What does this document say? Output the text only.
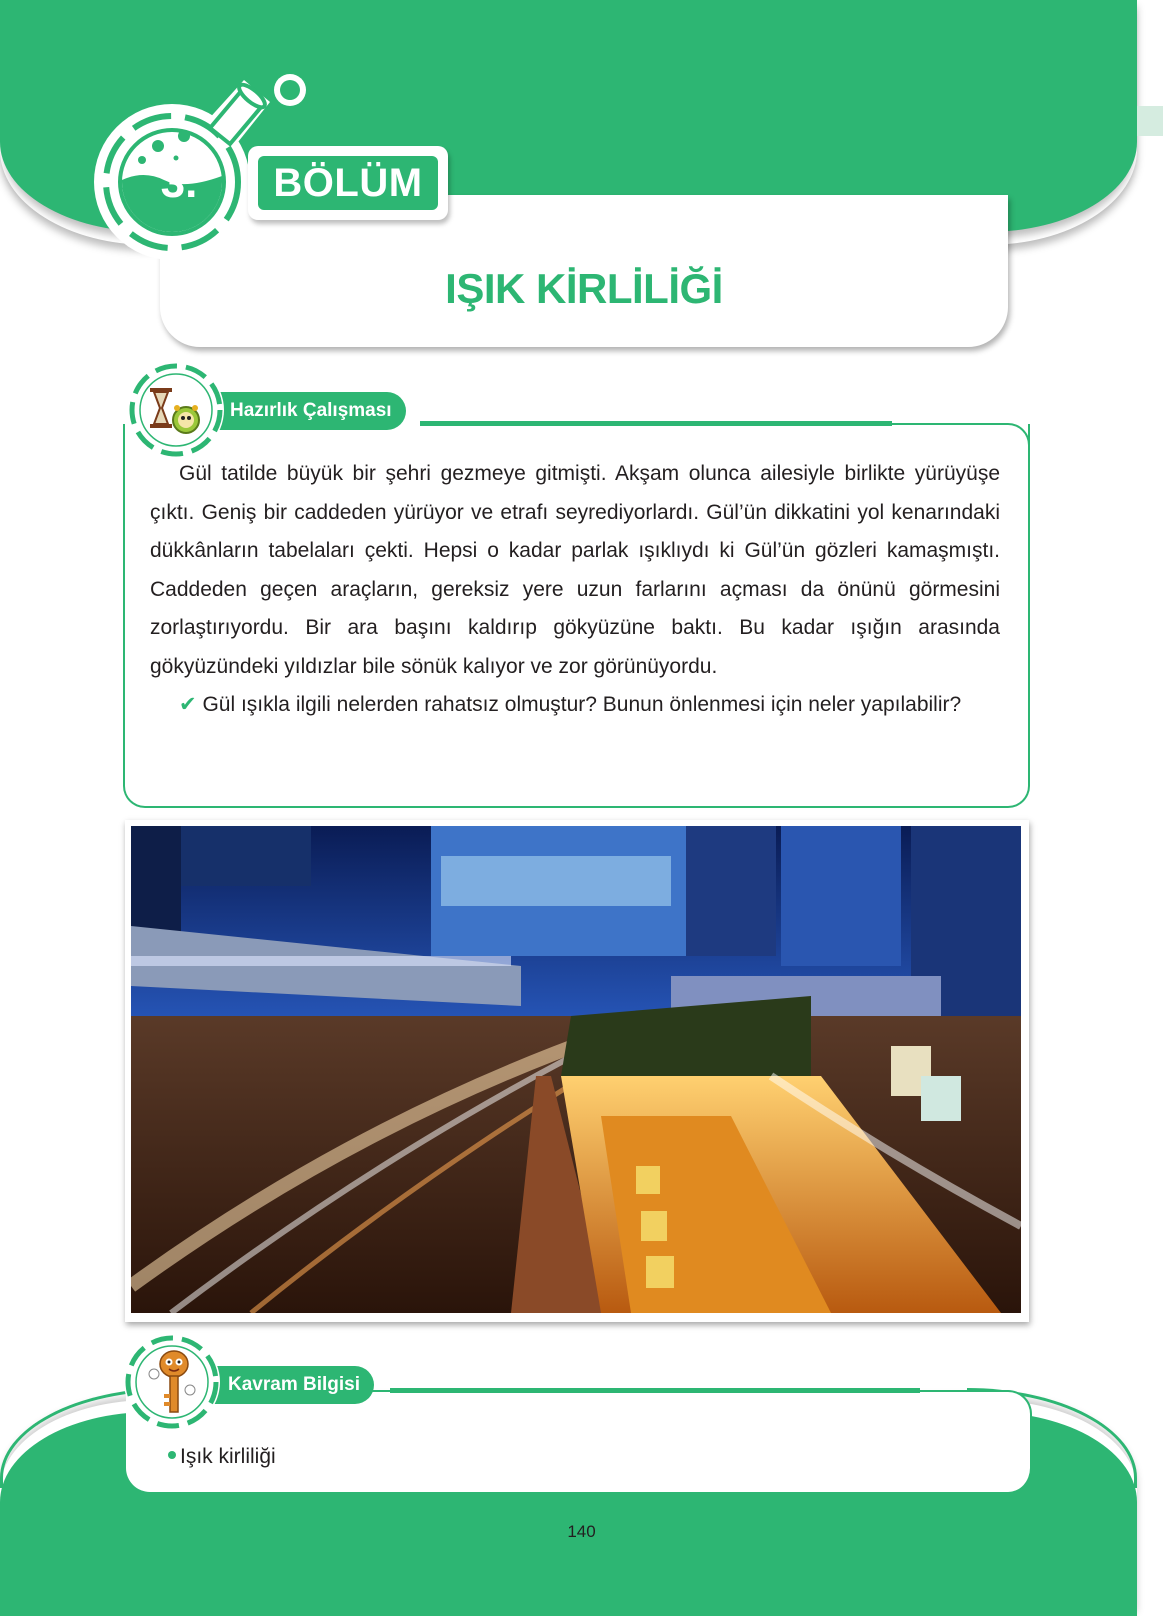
IŞIK KİRLİLİĞİ
3.	BÖLÜM
Hazırlık Çalışması

Gül tatilde büyük bir şehri gezmeye gitmişti. Akşam olunca ailesiyle birlikte yürüyüşe çıktı. Geniş bir caddeden yürüyor ve etrafı seyrediyorlardı. Gül’ün dikkatini yol kenarındaki dükkânların tabelaları çekti. Hepsi o kadar parlak ışıklıydı ki Gül’ün gözleri kamaşmıştı. Caddeden geçen araçların, gereksiz yere uzun farlarını açması da önünü görmesini zorlaştırıyordu. Bir ara başını kaldırıp gökyüzüne baktı. Bu kadar ışığın arasında gökyüzündeki yıldızlar bile sönük kalıyor ve zor görünüyordu.

✔ Gül ışıkla ilgili nelerden rahatsız olmuştur? Bunun önlenmesi için neler yapılabilir?

Kavram Bilgisi
Işık kirliliği
140
